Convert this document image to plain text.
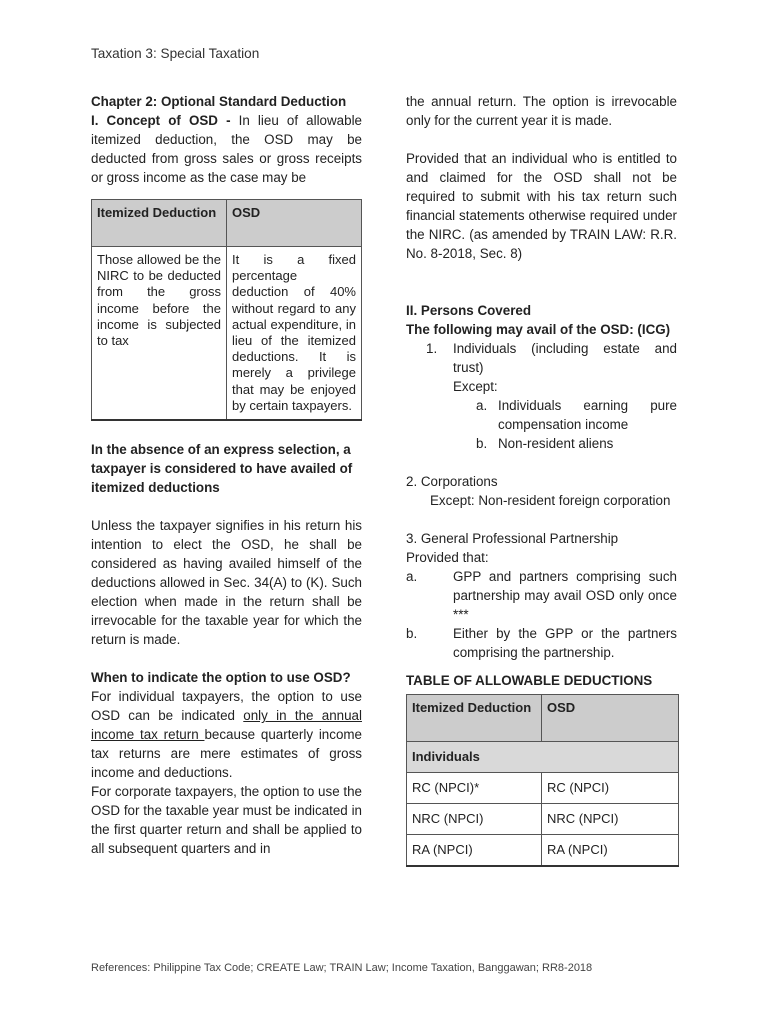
Taxation 3: Special Taxation

Chapter 2: Optional Standard Deduction

I. Concept of OSD - In lieu of allowable itemized deduction, the OSD may be deducted from gross sales or gross receipts or gross income as the case may be

Itemized Deduction	OSD
Those allowed be the NIRC to be deducted from the gross income before the income is subjected to tax	It is a fixed percentage deduction of 40% without regard to any actual expenditure, in lieu of the itemized deductions. It is merely a privilege that may be enjoyed by certain taxpayers.

In the absence of an express selection, a taxpayer is considered to have availed of itemized deductions

Unless the taxpayer signifies in his return his intention to elect the OSD, he shall be considered as having availed himself of the deductions allowed in Sec. 34(A) to (K). Such election when made in the return shall be irrevocable for the taxable year for which the return is made.

When to indicate the option to use OSD?

For individual taxpayers, the option to use OSD can be indicated only in the annual income tax return because quarterly income tax returns are mere estimates of gross income and deductions.

For corporate taxpayers, the option to use the OSD for the taxable year must be indicated in the first quarter return and shall be applied to all subsequent quarters and in

the annual return. The option is irrevocable only for the current year it is made.

Provided that an individual who is entitled to and claimed for the OSD shall not be required to submit with his tax return such financial statements otherwise required under the NIRC. (as amended by TRAIN LAW: R.R. No. 8-2018, Sec. 8)

II. Persons Covered

The following may avail of the OSD: (ICG)

1. Individuals (including estate and trust)

Except:

a. Individuals earning pure compensation income

b. Non-resident aliens

2. Corporations

Except: Non-resident foreign corporation

3. General Professional Partnership

Provided that:

a.	GPP and partners comprising such partnership may avail OSD only once ***

b.	Either by the GPP or the partners comprising the partnership.

TABLE OF ALLOWABLE DEDUCTIONS

Itemized Deduction	OSD
Individuals	
RC (NPCI)*	RC (NPCI)
NRC (NPCI)	NRC (NPCI)
RA (NPCI)	RA (NPCI)
References: Philippine Tax Code; CREATE Law; TRAIN Law; Income Taxation, Banggawan; RR8-2018
